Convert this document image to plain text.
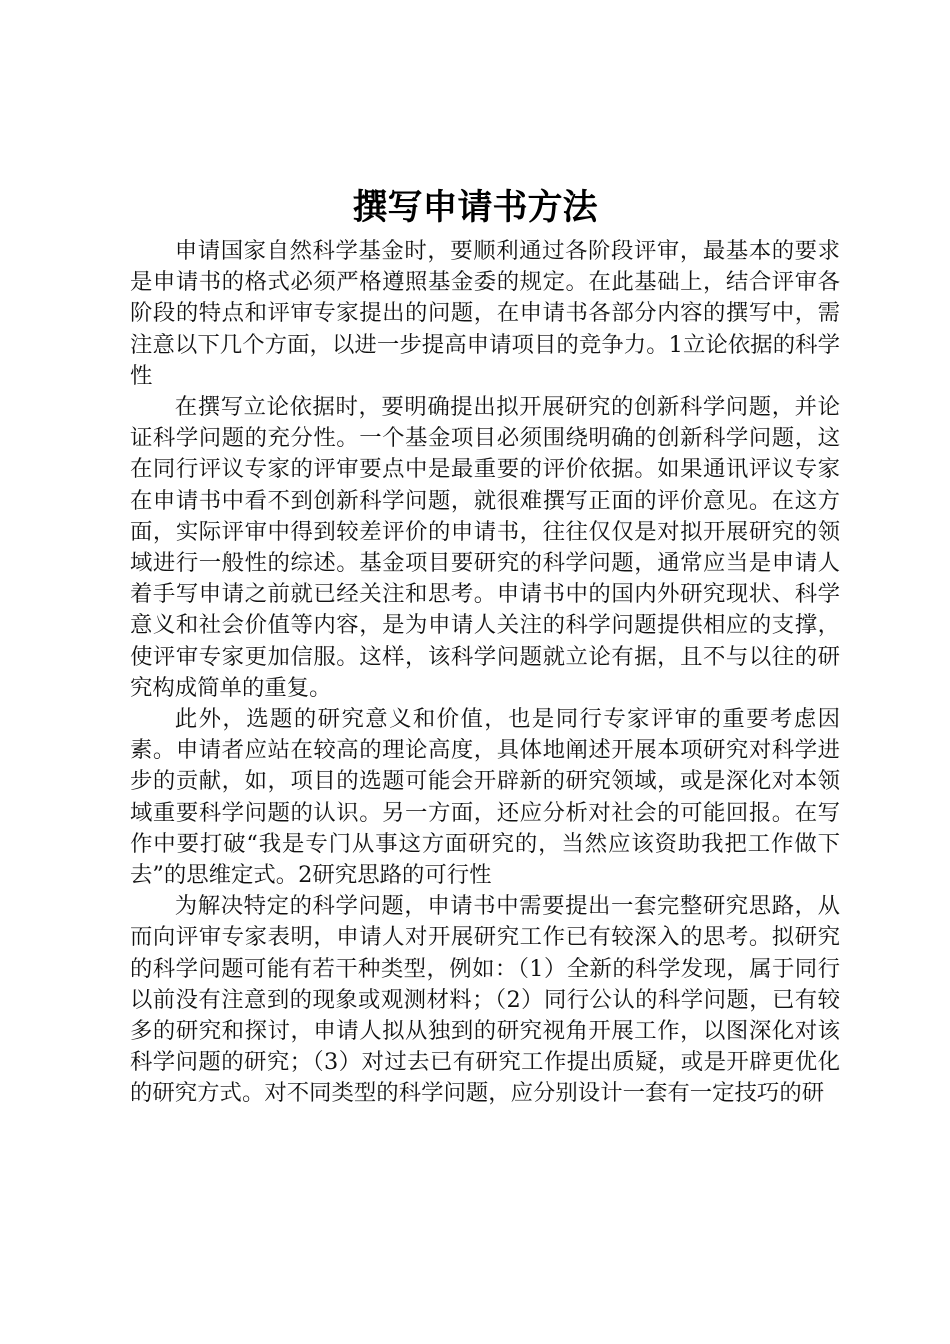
撰写申请书方法

申请国家自然科学基金时，要顺利通过各阶段评审，最基本的要求是申请书的格式必须严格遵照基金委的规定。在此基础上，结合评审各阶段的特点和评审专家提出的问题，在申请书各部分内容的撰写中，需注意以下几个方面，以进一步提高申请项目的竞争力。1立论依据的科学性

在撰写立论依据时，要明确提出拟开展研究的创新科学问题，并论证科学问题的充分性。一个基金项目必须围绕明确的创新科学问题，这在同行评议专家的评审要点中是最重要的评价依据。如果通讯评议专家在申请书中看不到创新科学问题，就很难撰写正面的评价意见。在这方面，实际评审中得到较差评价的申请书，往往仅仅是对拟开展研究的领域进行一般性的综述。基金项目要研究的科学问题，通常应当是申请人着手写申请之前就已经关注和思考。申请书中的国内外研究现状、科学意义和社会价值等内容，是为申请人关注的科学问题提供相应的支撑，使评审专家更加信服。这样，该科学问题就立论有据，且不与以往的研究构成简单的重复。

此外，选题的研究意义和价值，也是同行专家评审的重要考虑因素。申请者应站在较高的理论高度，具体地阐述开展本项研究对科学进步的贡献，如，项目的选题可能会开辟新的研究领域，或是深化对本领域重要科学问题的认识。另一方面，还应分析对社会的可能回报。在写作中要打破“我是专门从事这方面研究的，当然应该资助我把工作做下去”的思维定式。2研究思路的可行性

为解决特定的科学问题，申请书中需要提出一套完整研究思路，从而向评审专家表明，申请人对开展研究工作已有较深入的思考。拟研究的科学问题可能有若干种类型，例如：（1）全新的科学发现，属于同行以前没有注意到的现象或观测材料；（2）同行公认的科学问题，已有较多的研究和探讨，申请人拟从独到的研究视角开展工作，以图深化对该科学问题的研究；（3）对过去已有研究工作提出质疑，或是开辟更优化的研究方式。对不同类型的科学问题，应分别设计一套有一定技巧的研
